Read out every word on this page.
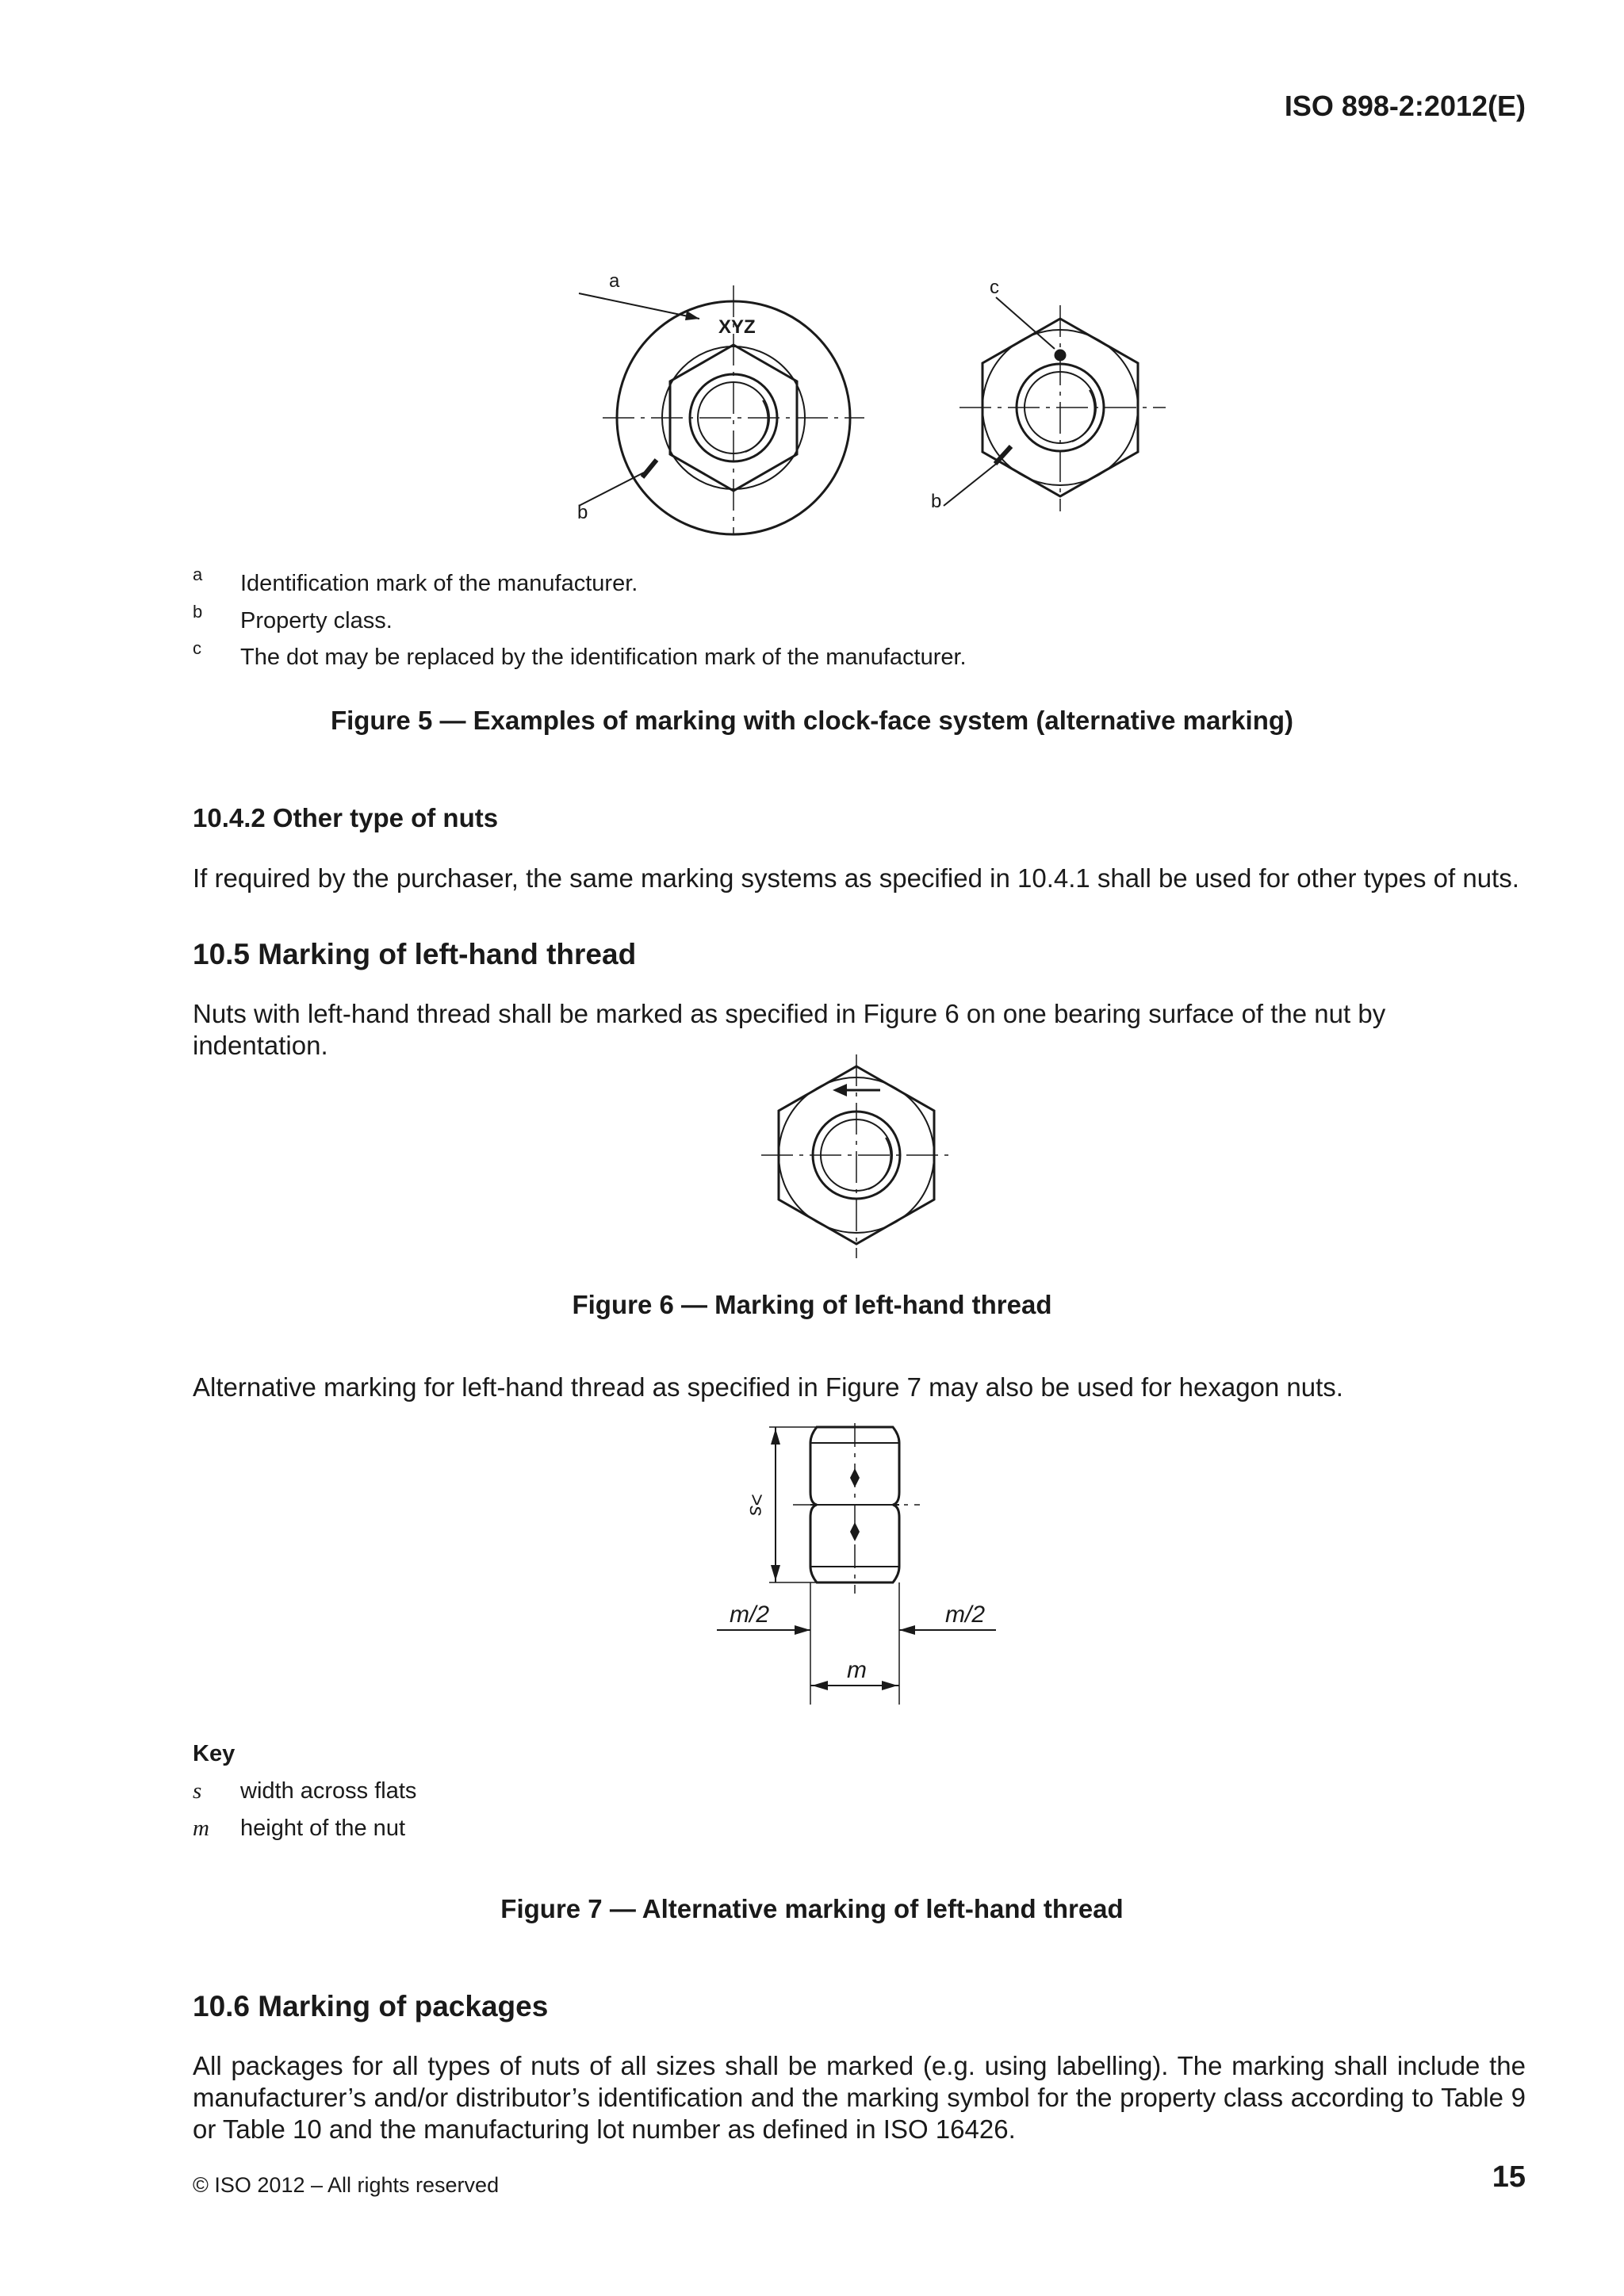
ISO 898-2:2012(E)
XYZ
a
b
c
b
a Identification mark of the manufacturer.
b Property class.
c The dot may be replaced by the identification mark of the manufacturer.
Figure 5 — Examples of marking with clock-face system (alternative marking)
10.4.2 Other type of nuts
If required by the purchaser, the same marking systems as specified in 10.4.1 shall be used for other types of nuts.
10.5 Marking of left-hand thread
Nuts with left-hand thread shall be marked as specified in Figure 6 on one bearing surface of the nut by indentation.
Figure 6 — Marking of left-hand thread
Alternative marking for left-hand thread as specified in Figure 7 may also be used for hexagon nuts.
>s
m/2	m/2
m
Key
s width across flats
m height of the nut
Figure 7 — Alternative marking of left-hand thread
10.6 Marking of packages
All packages for all types of nuts of all sizes shall be marked (e.g. using labelling). The marking shall include the manufacturer’s and/or distributor’s identification and the marking symbol for the property class according to Table 9 or Table 10 and the manufacturing lot number as defined in ISO 16426.
© ISO 2012 – All rights reserved	15
